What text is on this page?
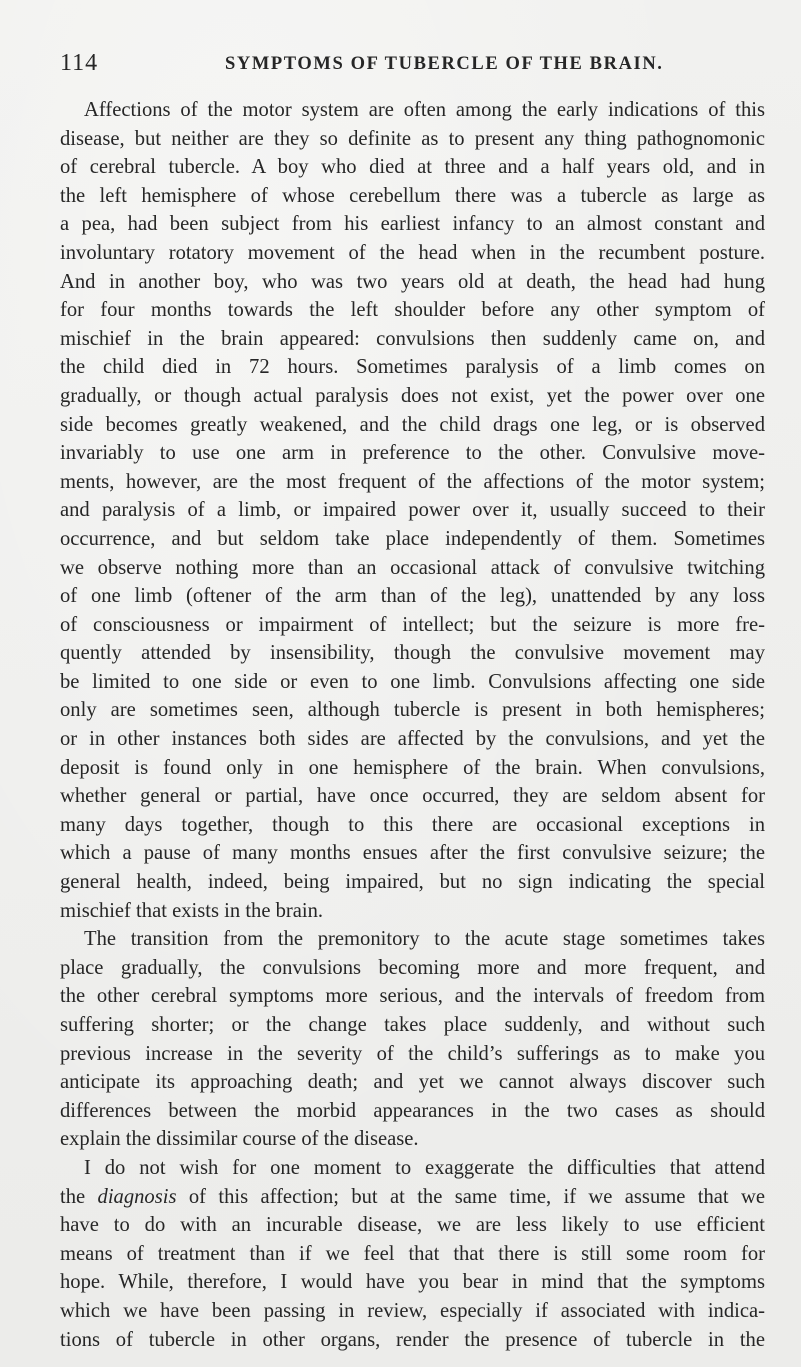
114	SYMPTOMS OF TUBERCLE OF THE BRAIN.
Affections of the motor system are often among the early indications of this
disease, but neither are they so definite as to present any thing pathognomonic
of cerebral tubercle. A boy who died at three and a half years old, and in
the left hemisphere of whose cerebellum there was a tubercle as large as
a pea, had been subject from his earliest infancy to an almost constant and
involuntary rotatory movement of the head when in the recumbent posture.
And in another boy, who was two years old at death, the head had hung
for four months towards the left shoulder before any other symptom of
mischief in the brain appeared: convulsions then suddenly came on, and
the child died in 72 hours. Sometimes paralysis of a limb comes on
gradually, or though actual paralysis does not exist, yet the power over one
side becomes greatly weakened, and the child drags one leg, or is observed
invariably to use one arm in preference to the other. Convulsive move-
ments, however, are the most frequent of the affections of the motor system;
and paralysis of a limb, or impaired power over it, usually succeed to their
occurrence, and but seldom take place independently of them. Sometimes
we observe nothing more than an occasional attack of convulsive twitching
of one limb (oftener of the arm than of the leg), unattended by any loss
of consciousness or impairment of intellect; but the seizure is more fre-
quently attended by insensibility, though the convulsive movement may
be limited to one side or even to one limb. Convulsions affecting one side
only are sometimes seen, although tubercle is present in both hemispheres;
or in other instances both sides are affected by the convulsions, and yet the
deposit is found only in one hemisphere of the brain. When convulsions,
whether general or partial, have once occurred, they are seldom absent for
many days together, though to this there are occasional exceptions in
which a pause of many months ensues after the first convulsive seizure; the
general health, indeed, being impaired, but no sign indicating the special
mischief that exists in the brain.
The transition from the premonitory to the acute stage sometimes takes
place gradually, the convulsions becoming more and more frequent, and
the other cerebral symptoms more serious, and the intervals of freedom from
suffering shorter; or the change takes place suddenly, and without such
previous increase in the severity of the child’s sufferings as to make you
anticipate its approaching death; and yet we cannot always discover such
differences between the morbid appearances in the two cases as should
explain the dissimilar course of the disease.
I do not wish for one moment to exaggerate the difficulties that attend
the diagnosis of this affection; but at the same time, if we assume that we
have to do with an incurable disease, we are less likely to use efficient
means of treatment than if we feel that that there is still some room for
hope. While, therefore, I would have you bear in mind that the symptoms
which we have been passing in review, especially if associated with indica-
tions of tubercle in other organs, render the presence of tubercle in the
